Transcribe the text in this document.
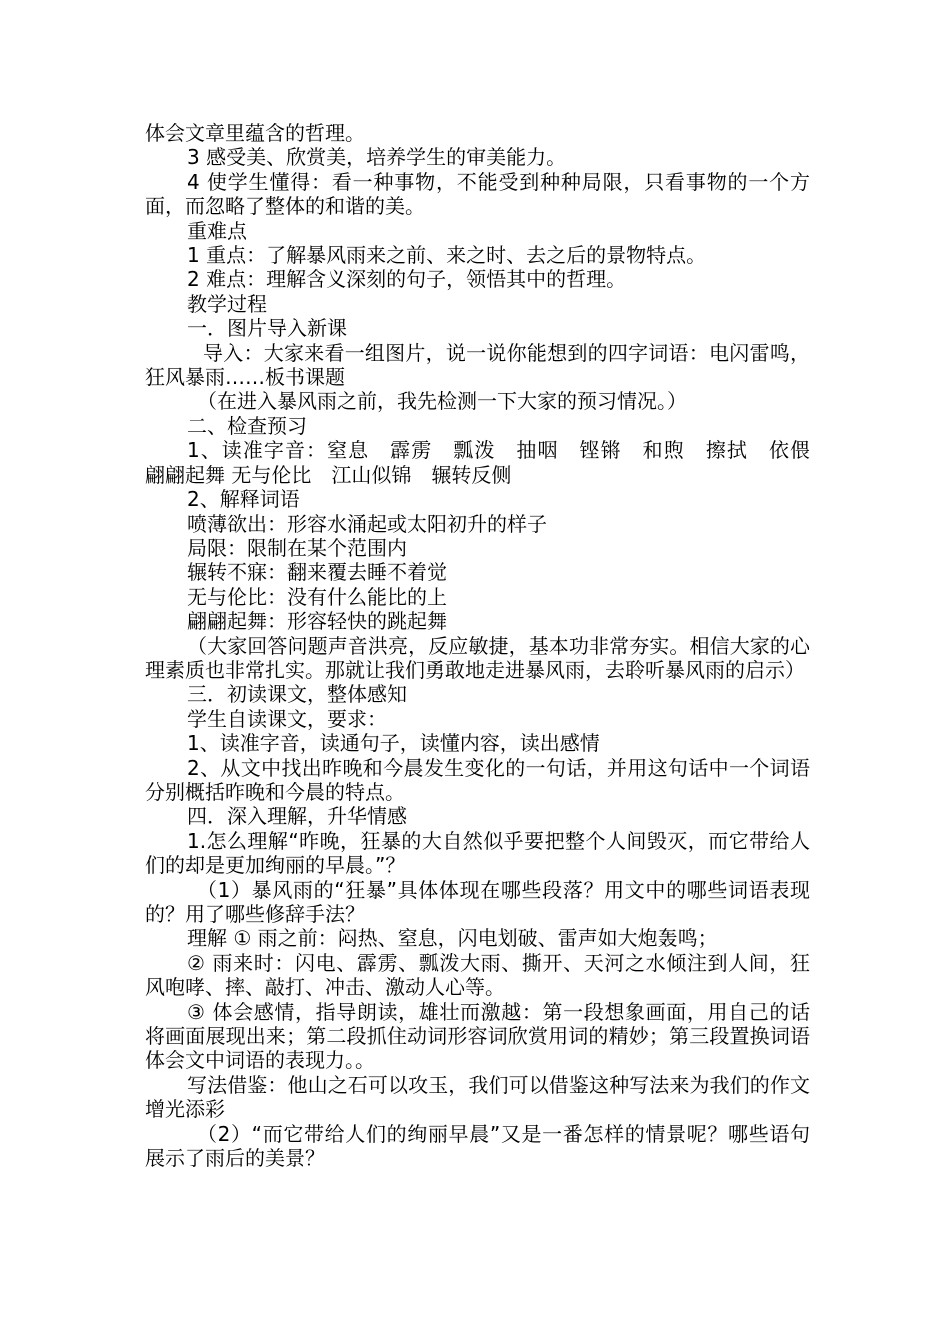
体会文章里蕴含的哲理。

3 感受美、欣赏美，培养学生的审美能力。

4 使学生懂得：看一种事物，不能受到种种局限，只看事物的一个方面，而忽略了整体的和谐的美。

重难点

1 重点：了解暴风雨来之前、来之时、去之后的景物特点。

2 难点：理解含义深刻的句子，领悟其中的哲理。

教学过程

一．图片导入新课

导入：大家来看一组图片，说一说你能想到的四字词语：电闪雷鸣，狂风暴雨……板书课题

（在进入暴风雨之前，我先检测一下大家的预习情况。）

二、检查预习

1、读准字音：窒息　霹雳　瓢泼　抽咽　铿锵　和煦　擦拭　依偎　翩翩起舞 无与伦比　江山似锦　辗转反侧

2、解释词语

喷薄欲出：形容水涌起或太阳初升的样子

局限：限制在某个范围内

辗转不寐：翻来覆去睡不着觉

无与伦比：没有什么能比的上

翩翩起舞：形容轻快的跳起舞

（大家回答问题声音洪亮，反应敏捷，基本功非常夯实。相信大家的心理素质也非常扎实。那就让我们勇敢地走进暴风雨，去聆听暴风雨的启示）

三．初读课文，整体感知

学生自读课文，要求：

1、读准字音，读通句子，读懂内容，读出感情

2、从文中找出昨晚和今晨发生变化的一句话，并用这句话中一个词语分别概括昨晚和今晨的特点。

四．深入理解，升华情感

1.怎么理解“昨晚，狂暴的大自然似乎要把整个人间毁灭，而它带给人们的却是更加绚丽的早晨。”？

（1）暴风雨的“狂暴”具体体现在哪些段落？用文中的哪些词语表现的？用了哪些修辞手法？

理解 ① 雨之前：闷热、窒息，闪电划破、雷声如大炮轰鸣；

② 雨来时：闪电、霹雳、瓢泼大雨、撕开、天河之水倾注到人间，狂风咆哮、摔、敲打、冲击、激动人心等。

③ 体会感情，指导朗读，雄壮而激越：第一段想象画面，用自己的话将画面展现出来；第二段抓住动词形容词欣赏用词的精妙；第三段置换词语体会文中词语的表现力。。

写法借鉴：他山之石可以攻玉，我们可以借鉴这种写法来为我们的作文增光添彩

（2）“而它带给人们的绚丽早晨”又是一番怎样的情景呢？哪些语句展示了雨后的美景？
